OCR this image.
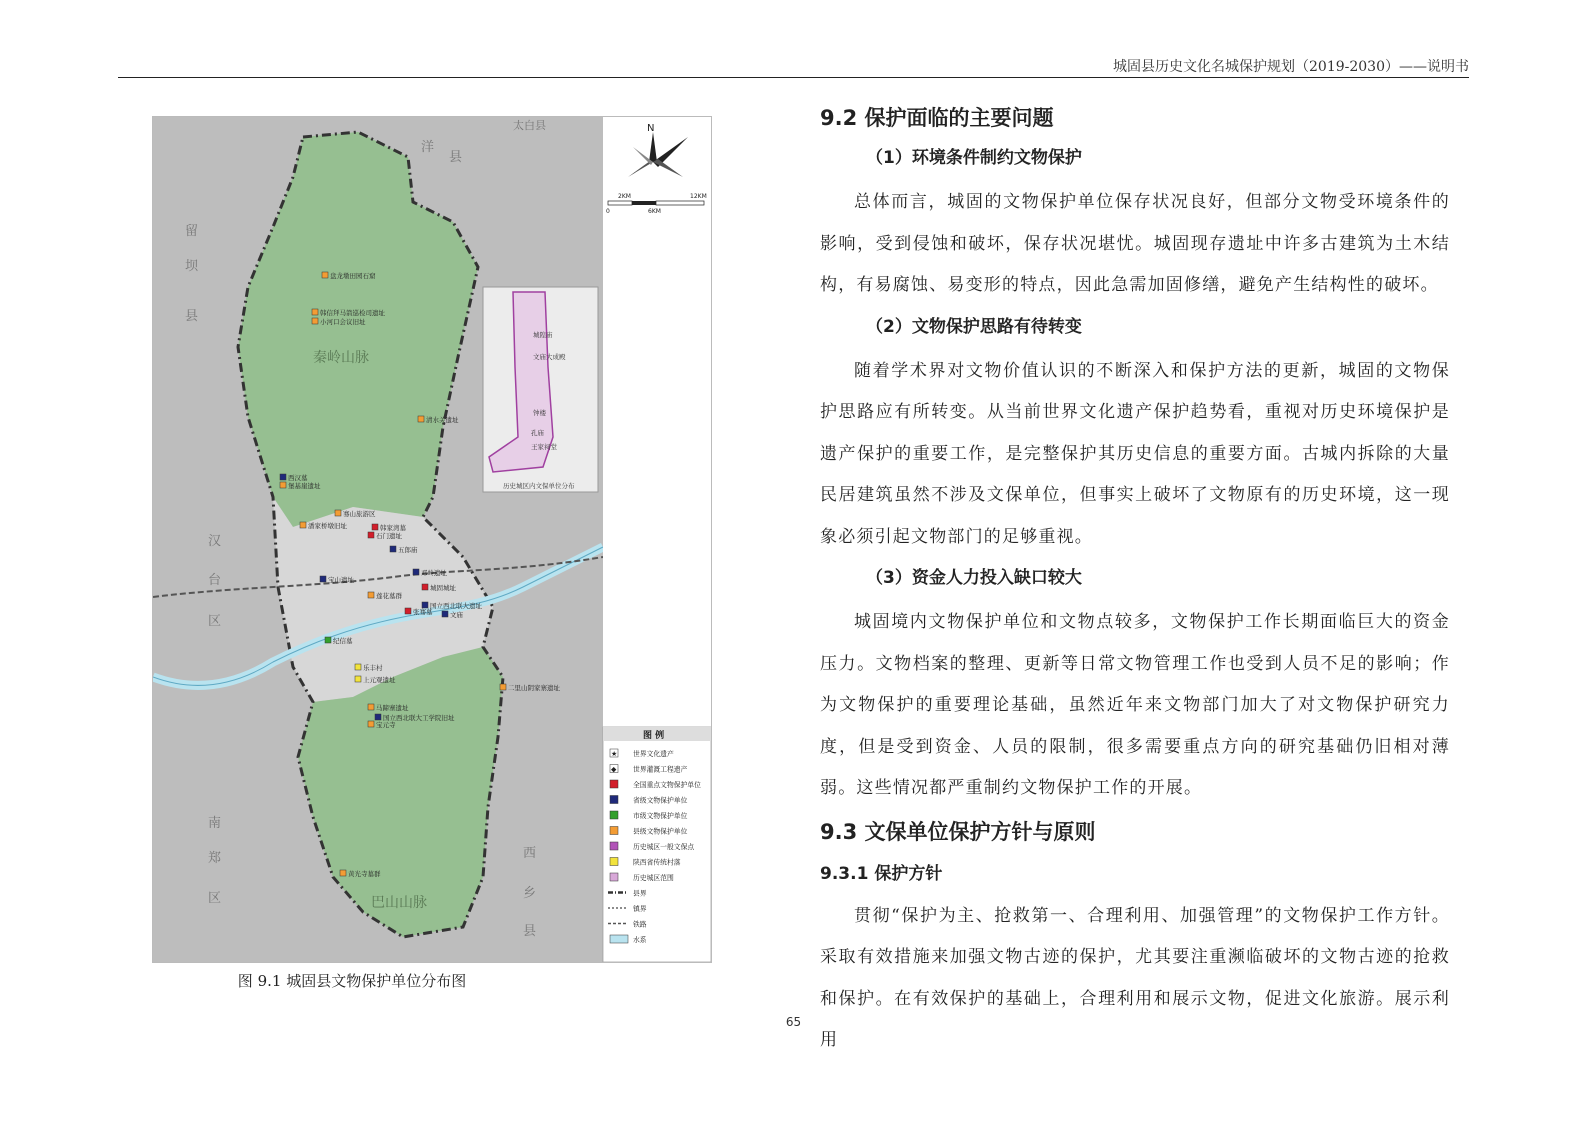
城固县历史文化名城保护规划（2019-2030）——说明书
留
坝
县
洋
县
秦岭山脉
汉
台
区
南
郑
区
西
乡
县
巴山山脉
太白县
盘龙墩田园石窟
韩信拜马箭巡检司遗址
小河口会议旧址
清水关遗址
西汉墓
堡基崖遗址
骞山旅游区
韩家湾墓
石门遗址
潘家桥墩旧址
五郎庙
宝山遗址
张骞墓
城固城址
邓岭遗址
莲花墓群
国立西北联大遗址
文庙
纪信墓
乐丰村
上元观遗址
二里山阴家寨遗址
国立西北联大工学院旧址
马蹄寨遗址
宝元寺
黄光寺墓群
城隍庙
文庙大成殿
钟楼
孔庙
王家祠堂
历史城区内文保单位分布
N
2KM	12KM
0	6KM
图 例
★ 世界文化遗产
◆ 世界灌溉工程遗产
全国重点文物保护单位
省级文物保护单位
市级文物保护单位
县级文物保护单位
历史城区一般文保点
陕西省传统村落
历史城区范围
县界
镇界
铁路
水系
图 9.1 城固县文物保护单位分布图
9.2 保护面临的主要问题
（1）环境条件制约文物保护

总体而言，城固的文物保护单位保存状况良好，但部分文物受环境条件的影响，受到侵蚀和破坏，保存状况堪忧。城固现存遗址中许多古建筑为土木结构，有易腐蚀、易变形的特点，因此急需加固修缮，避免产生结构性的破坏。

（2）文物保护思路有待转变

随着学术界对文物价值认识的不断深入和保护方法的更新，城固的文物保护思路应有所转变。从当前世界文化遗产保护趋势看，重视对历史环境保护是遗产保护的重要工作，是完整保护其历史信息的重要方面。古城内拆除的大量民居建筑虽然不涉及文保单位，但事实上破坏了文物原有的历史环境，这一现象必须引起文物部门的足够重视。

（3）资金人力投入缺口较大

城固境内文物保护单位和文物点较多，文物保护工作长期面临巨大的资金压力。文物档案的整理、更新等日常文物管理工作也受到人员不足的影响；作为文物保护的重要理论基础，虽然近年来文物部门加大了对文物保护研究力度，但是受到资金、人员的限制，很多需要重点方向的研究基础仍旧相对薄弱。这些情况都严重制约文物保护工作的开展。

9.3 文保单位保护方针与原则
9.3.1 保护方针

贯彻“保护为主、抢救第一、合理利用、加强管理”的文物保护工作方针。采取有效措施来加强文物古迹的保护，尤其要注重濒临破坏的文物古迹的抢救和保护。在有效保护的基础上，合理利用和展示文物，促进文化旅游。展示利用

65
